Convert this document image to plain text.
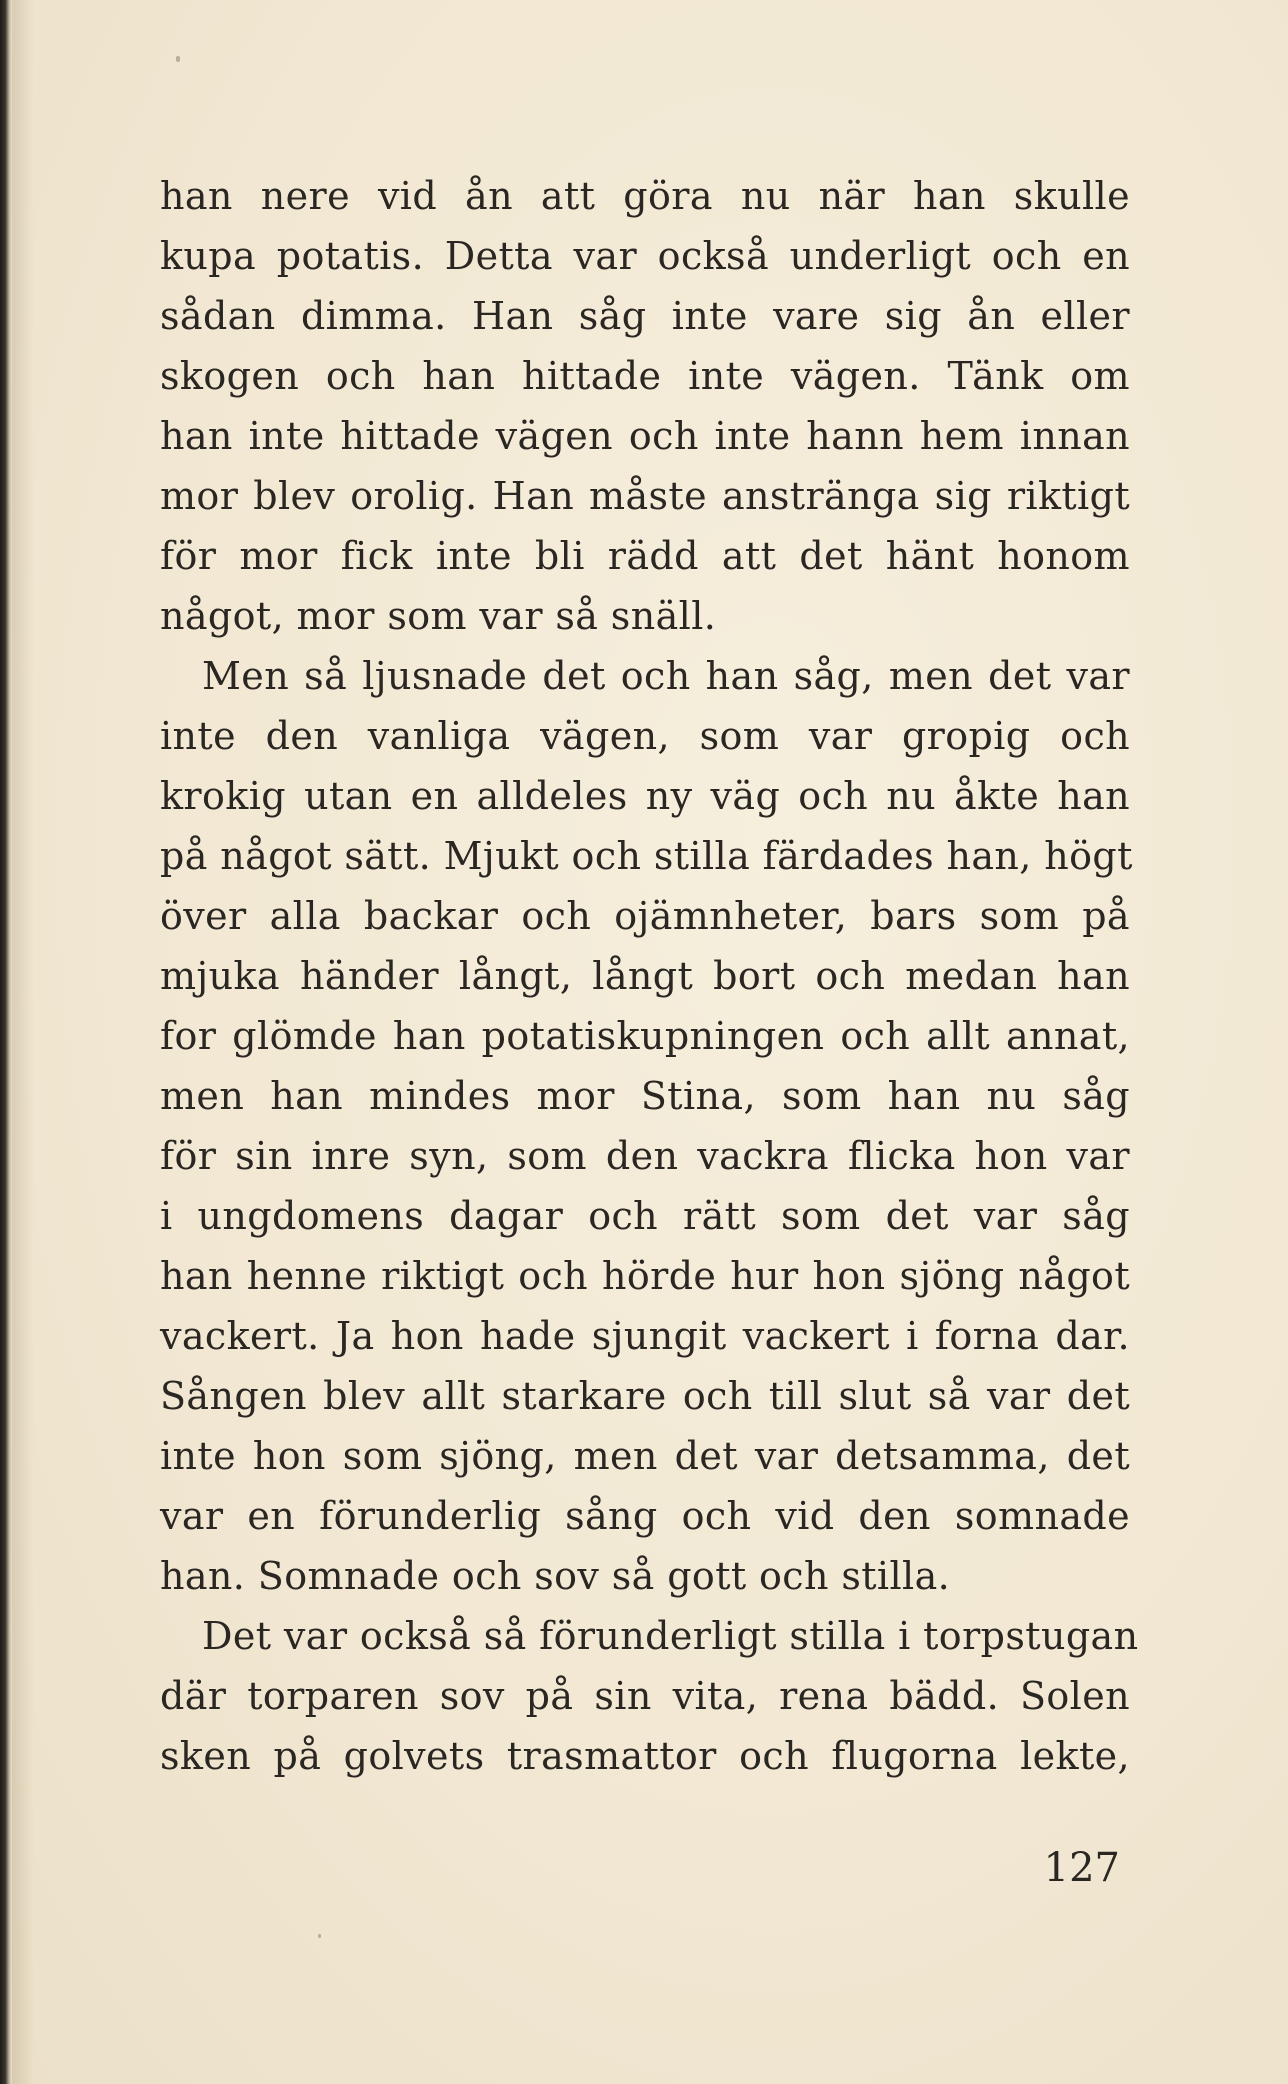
han nere vid ån att göra nu när han skulle
kupa potatis. Detta var också underligt och en
sådan dimma. Han såg inte vare sig ån eller
skogen och han hittade inte vägen. Tänk om
han inte hittade vägen och inte hann hem innan
mor blev orolig. Han måste anstränga sig riktigt
för mor fick inte bli rädd att det hänt honom
något, mor som var så snäll.
Men så ljusnade det och han såg, men det var
inte den vanliga vägen, som var gropig och
krokig utan en alldeles ny väg och nu åkte han
på något sätt. Mjukt och stilla färdades han, högt
över alla backar och ojämnheter, bars som på
mjuka händer långt, långt bort och medan han
for glömde han potatiskupningen och allt annat,
men han mindes mor Stina, som han nu såg
för sin inre syn, som den vackra flicka hon var
i ungdomens dagar och rätt som det var såg
han henne riktigt och hörde hur hon sjöng något
vackert. Ja hon hade sjungit vackert i forna dar.
Sången blev allt starkare och till slut så var det
inte hon som sjöng, men det var detsamma, det
var en förunderlig sång och vid den somnade
han. Somnade och sov så gott och stilla.
Det var också så förunderligt stilla i torpstugan
där torparen sov på sin vita, rena bädd. Solen
sken på golvets trasmattor och flugorna lekte,
127
